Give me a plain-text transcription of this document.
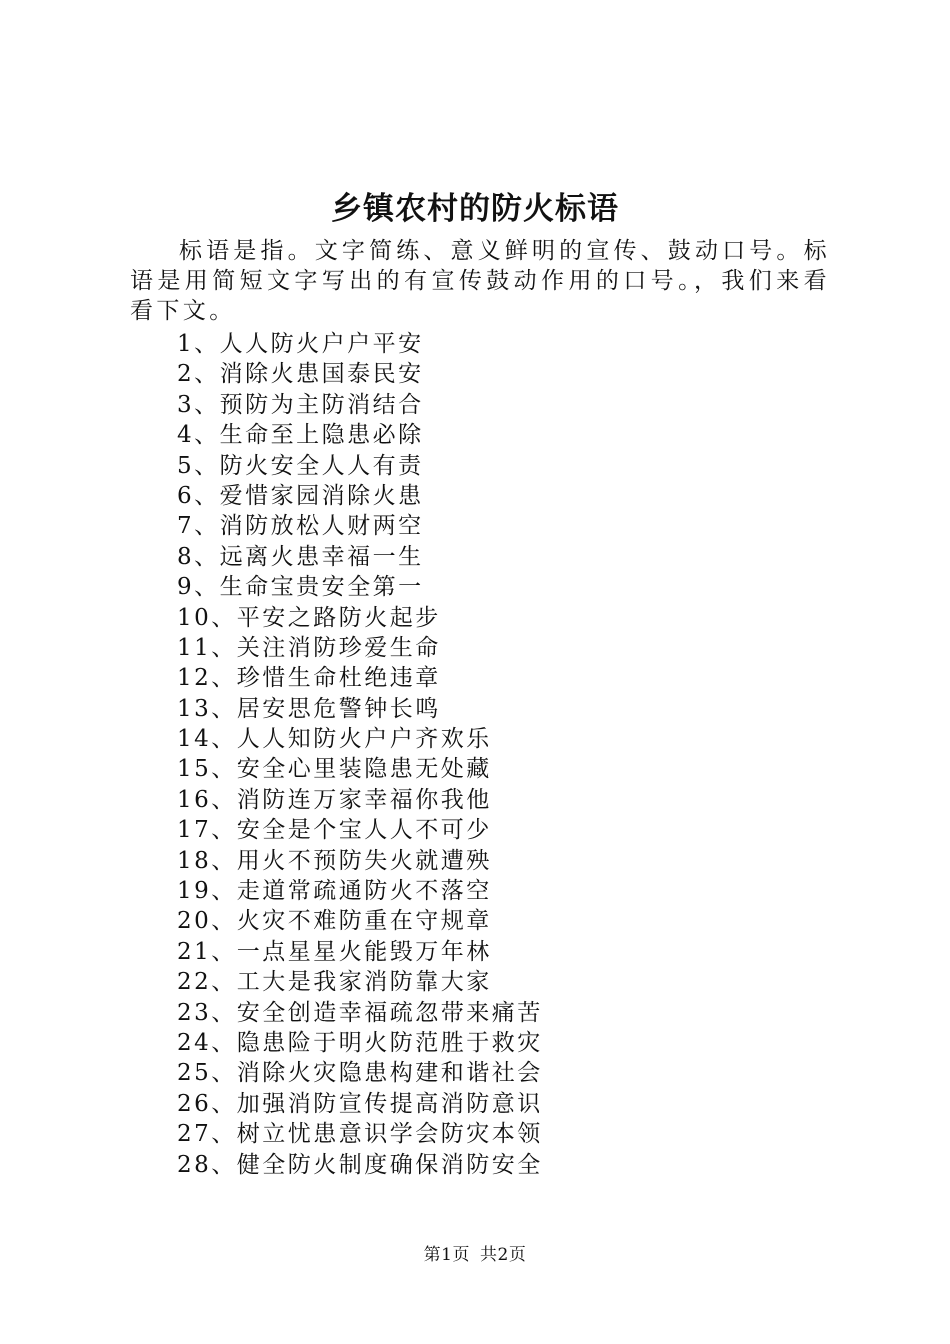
乡镇农村的防火标语
标语是指。文字简练、意义鲜明的宣传、鼓动口号。标语是用简短文字写出的有宣传鼓动作用的口号。，我们来看看下文。
1、人人防火户户平安
2、消除火患国泰民安
3、预防为主防消结合
4、生命至上隐患必除
5、防火安全人人有责
6、爱惜家园消除火患
7、消防放松人财两空
8、远离火患幸福一生
9、生命宝贵安全第一
10、平安之路防火起步
11、关注消防珍爱生命
12、珍惜生命杜绝违章
13、居安思危警钟长鸣
14、人人知防火户户齐欢乐
15、安全心里装隐患无处藏
16、消防连万家幸福你我他
17、安全是个宝人人不可少
18、用火不预防失火就遭殃
19、走道常疏通防火不落空
20、火灾不难防重在守规章
21、一点星星火能毁万年林
22、工大是我家消防靠大家
23、安全创造幸福疏忽带来痛苦
24、隐患险于明火防范胜于救灾
25、消除火灾隐患构建和谐社会
26、加强消防宣传提高消防意识
27、树立忧患意识学会防灾本领
28、健全防火制度确保消防安全
第1页 共2页
